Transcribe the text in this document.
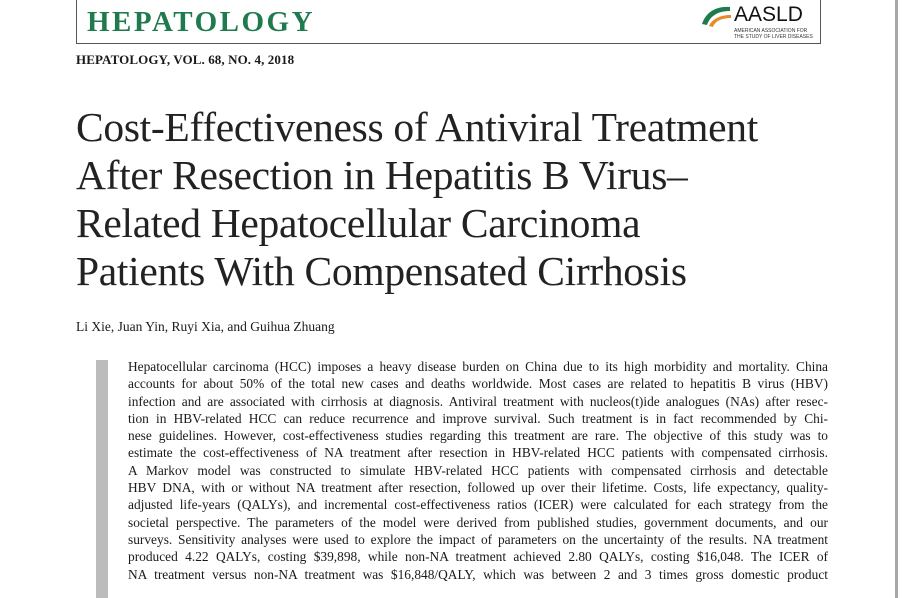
HEPATOLOGY	AASLD
AMERICAN ASSOCIATION FOR THE STUDY OF LIVER DISEASES
HEPATOLOGY, VOL. 68, NO. 4, 2018
Cost-Effectiveness of Antiviral Treatment
After Resection in Hepatitis B Virus–
Related Hepatocellular Carcinoma
Patients With Compensated Cirrhosis
Li Xie, Juan Yin, Ruyi Xia, and Guihua Zhuang

Hepatocellular carcinoma (HCC) imposes a heavy disease burden on China due to its high morbidity and mortality. China
accounts for about 50% of the total new cases and deaths worldwide. Most cases are related to hepatitis B virus (HBV)
infection and are associated with cirrhosis at diagnosis. Antiviral treatment with nucleos(t)ide analogues (NAs) after resec-
tion in HBV-related HCC can reduce recurrence and improve survival. Such treatment is in fact recommended by Chi-
nese guidelines. However, cost-effectiveness studies regarding this treatment are rare. The objective of this study was to
estimate the cost-effectiveness of NA treatment after resection in HBV-related HCC patients with compensated cirrhosis.
A Markov model was constructed to simulate HBV-related HCC patients with compensated cirrhosis and detectable
HBV DNA, with or without NA treatment after resection, followed up over their lifetime. Costs, life expectancy, quality-
adjusted life-years (QALYs), and incremental cost-effectiveness ratios (ICER) were calculated for each strategy from the
societal perspective. The parameters of the model were derived from published studies, government documents, and our
surveys. Sensitivity analyses were used to explore the impact of parameters on the uncertainty of the results. NA treatment
produced 4.22 QALYs, costing $39,898, while non-NA treatment achieved 2.80 QALYs, costing $16,048. The ICER of
NA treatment versus non-NA treatment was $16,848/QALY, which was between 2 and 3 times gross domestic product
